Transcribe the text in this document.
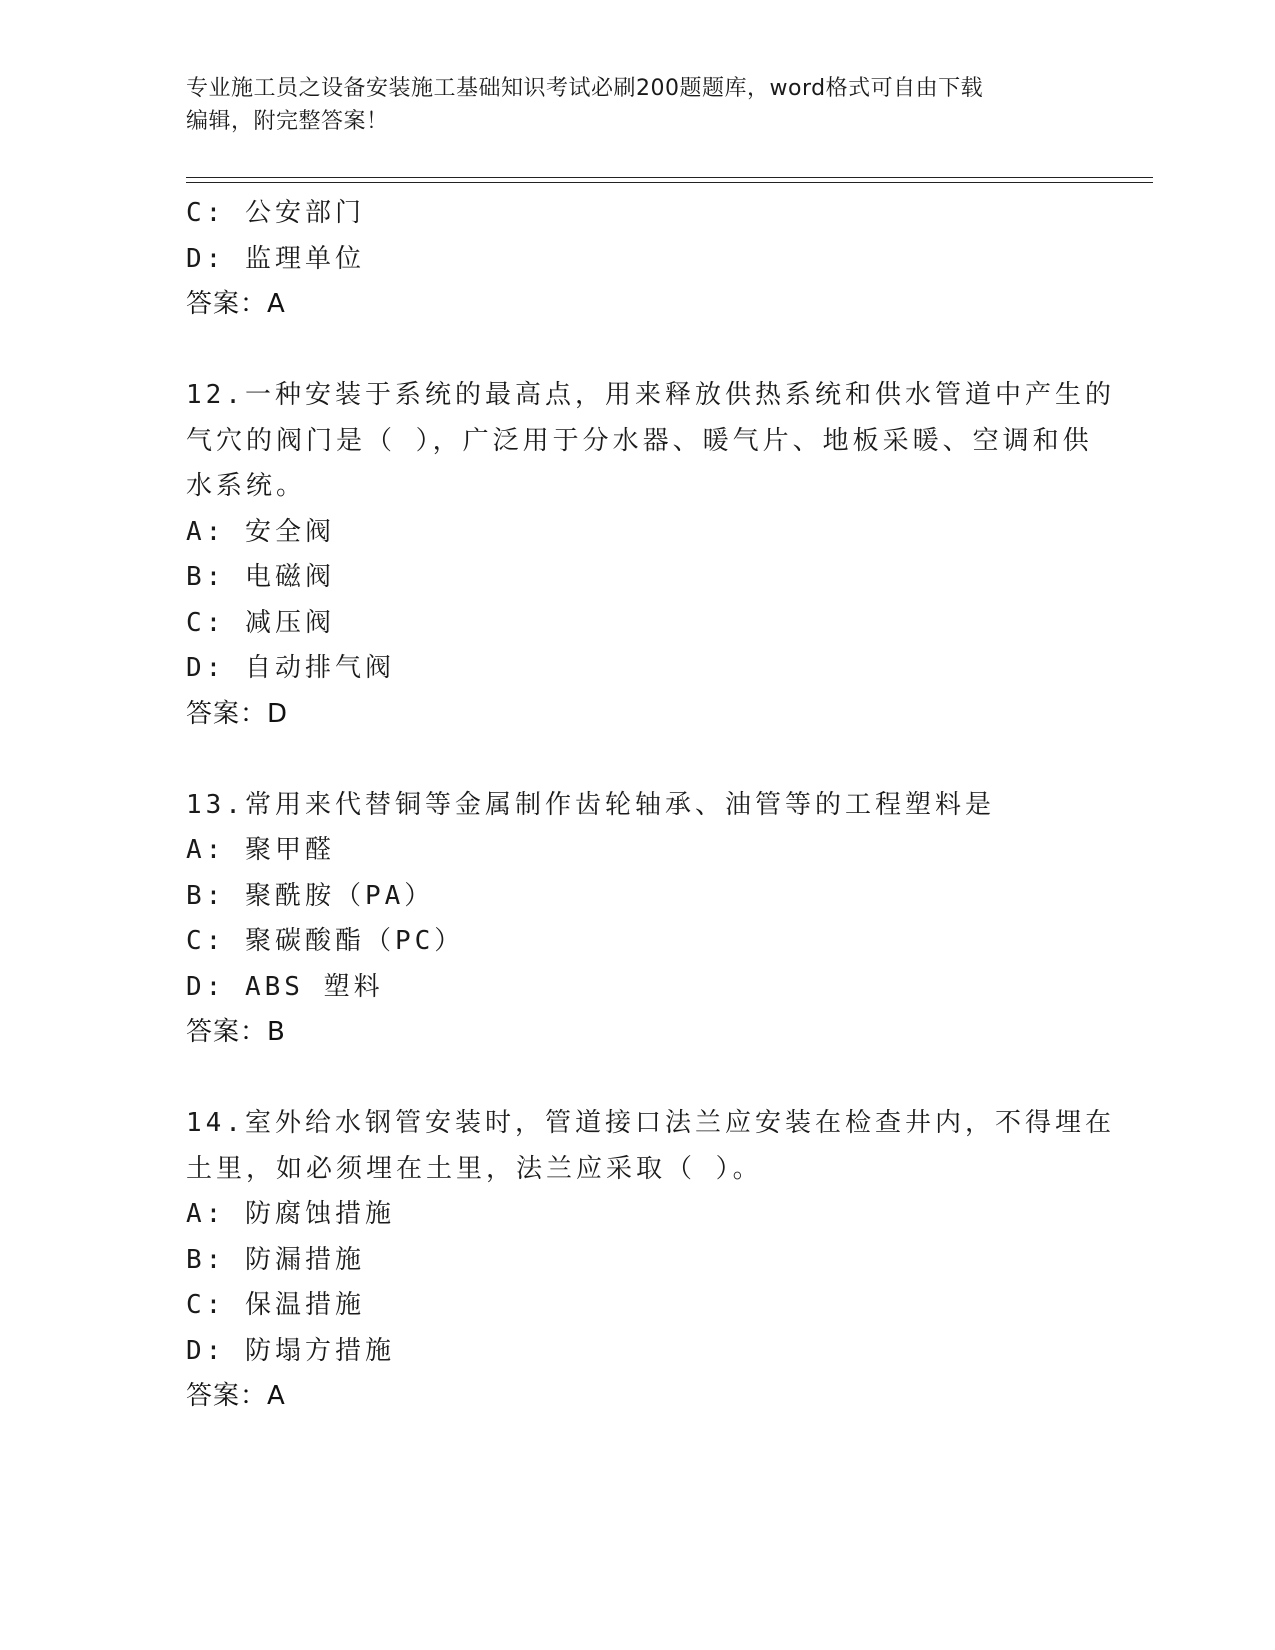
专业施工员之设备安装施工基础知识考试必刷200题题库，word格式可自由下载
编辑，附完整答案！
C: 公安部门
D: 监理单位
答案：A
12.一种安装于系统的最高点，用来释放供热系统和供水管道中产生的
气穴的阀门是（ ），广泛用于分水器、暖气片、地板采暖、空调和供
水系统。
A: 安全阀
B: 电磁阀
C: 减压阀
D: 自动排气阀
答案：D
13.常用来代替铜等金属制作齿轮轴承、油管等的工程塑料是
A: 聚甲醛
B: 聚酰胺（PA）
C: 聚碳酸酯（PC）
D: ABS 塑料
答案：B
14.室外给水钢管安装时，管道接口法兰应安装在检查井内，不得埋在
土里，如必须埋在土里，法兰应采取（ ）。
A: 防腐蚀措施
B: 防漏措施
C: 保温措施
D: 防塌方措施
答案：A
